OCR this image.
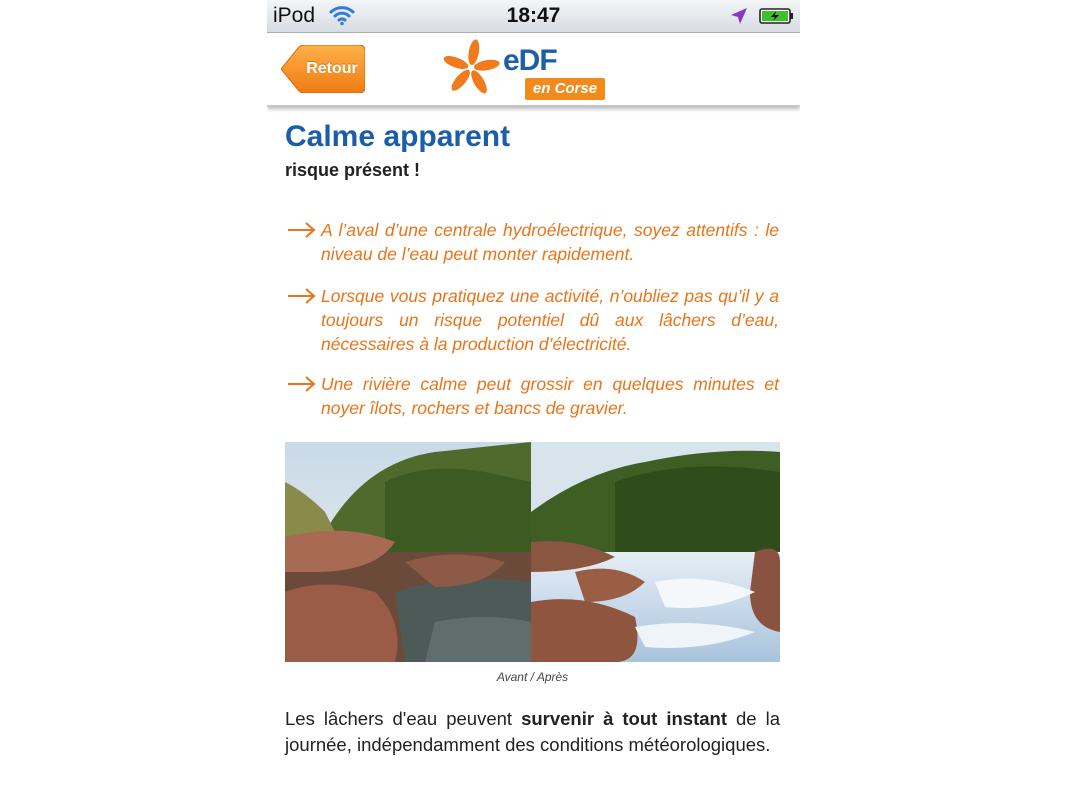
iPod	18:47
Retour	eDF
en Corse
Calme apparent
risque présent !
A l’aval d’une centrale hydroélectrique, soyez attentifs : le niveau de l’eau peut monter rapidement.
Lorsque vous pratiquez une activité, n’oubliez pas qu’il y a toujours un risque potentiel dû aux lâchers d’eau, nécessaires à la production d’électricité.
Une rivière calme peut grossir en quelques minutes et noyer îlots, rochers et bancs de gravier.
Avant / Après
Les lâchers d'eau peuvent survenir à tout instant de la journée, indépendamment des conditions météorologiques.
